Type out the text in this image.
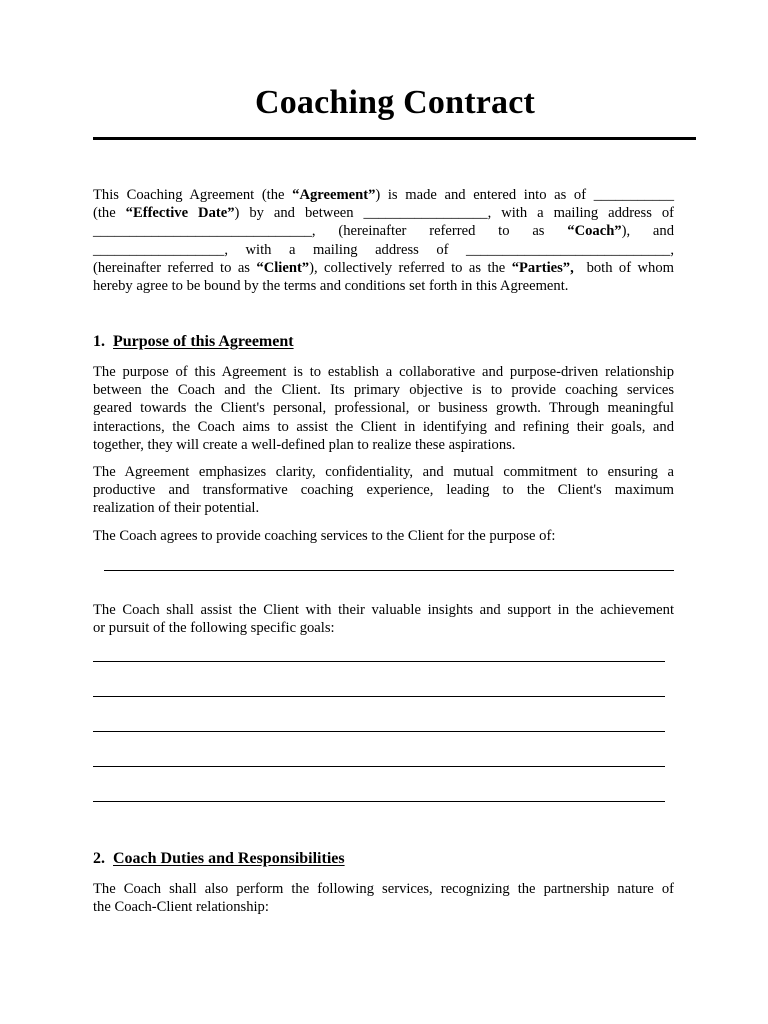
Coaching Contract
This Coaching Agreement (the “Agreement”) is made and entered into as of ___________
(the “Effective Date”) by and between _________________, with a mailing address of
______________________________, (hereinafter referred to as “Coach”), and
__________________, with a mailing address of ____________________________,
(hereinafter referred to as “Client”), collectively referred to as the “Parties”,  both of whom
hereby agree to be bound by the terms and conditions set forth in this Agreement.
1. Purpose of this Agreement
The purpose of this Agreement is to establish a collaborative and purpose-driven relationship
between the Coach and the Client. Its primary objective is to provide coaching services
geared towards the Client's personal, professional, or business growth. Through meaningful
interactions, the Coach aims to assist the Client in identifying and refining their goals, and
together, they will create a well-defined plan to realize these aspirations.
The Agreement emphasizes clarity, confidentiality, and mutual commitment to ensuring a
productive and transformative coaching experience, leading to the Client's maximum
realization of their potential.
The Coach agrees to provide coaching services to the Client for the purpose of:
The Coach shall assist the Client with their valuable insights and support in the achievement
or pursuit of the following specific goals:
2. Coach Duties and Responsibilities
The Coach shall also perform the following services, recognizing the partnership nature of
the Coach-Client relationship:
